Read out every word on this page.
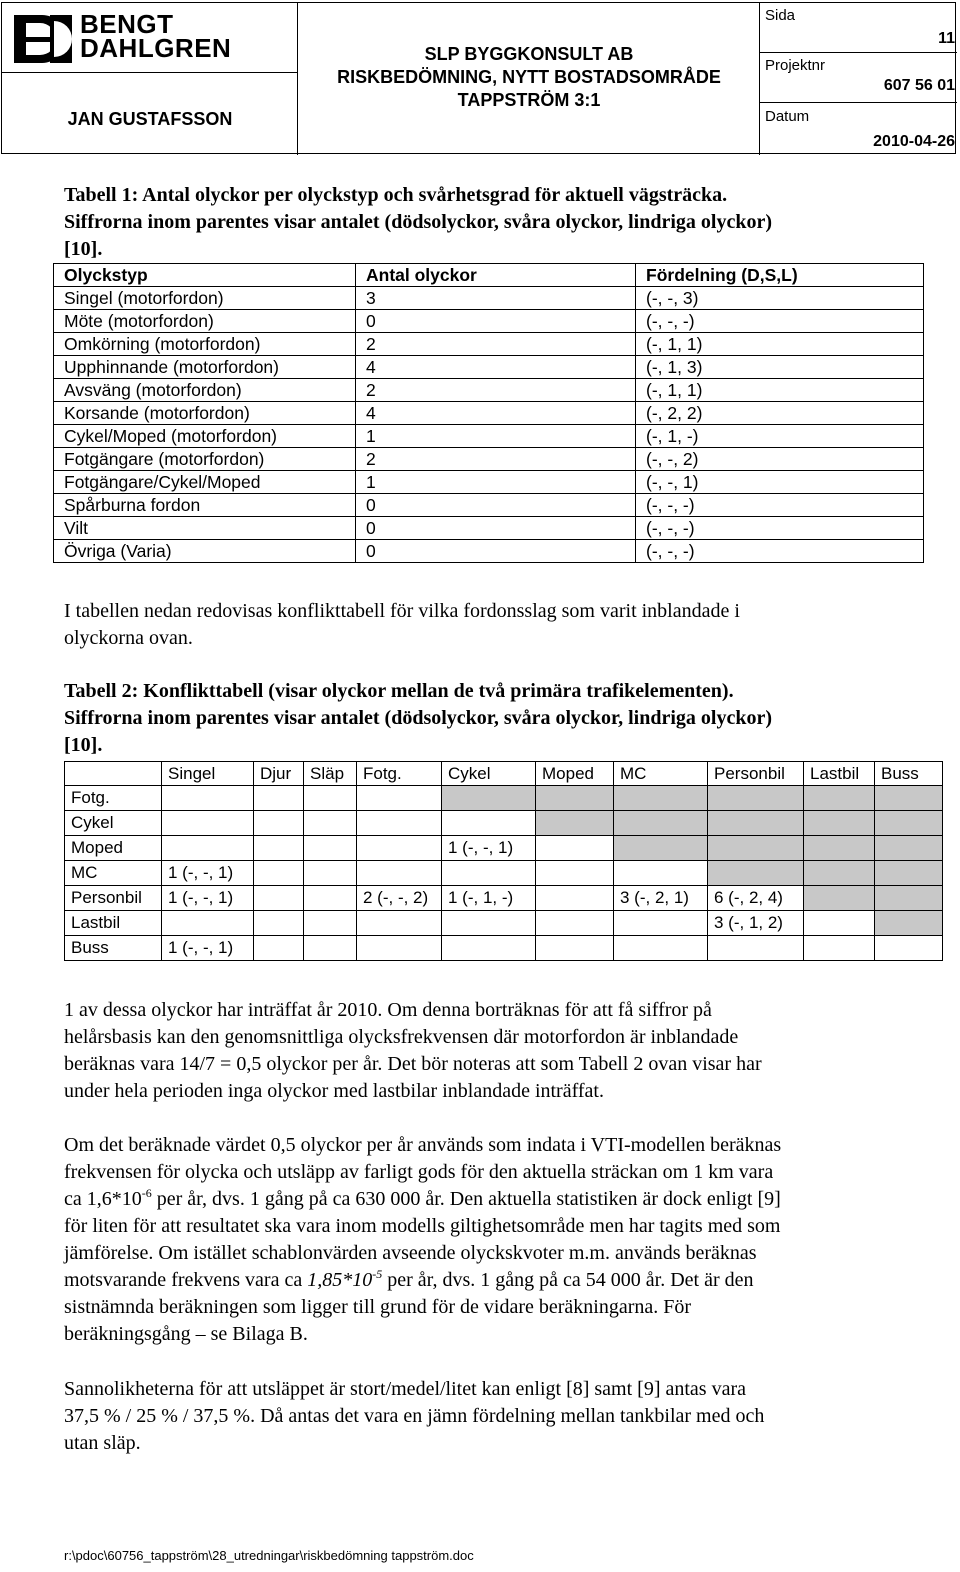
BENGT
DAHLGREN
JAN GUSTAFSSON
SLP BYGGKONSULT AB
RISKBEDÖMNING, NYTT BOSTADSOMRÅDE
TAPPSTRÖM 3:1
Sida
11
Projektnr
607 56 01
Datum
2010-04-26
Tabell 1: Antal olyckor per olyckstyp och svårhetsgrad för aktuell vägsträcka.
Siffrorna inom parentes visar antalet (dödsolyckor, svåra olyckor, lindriga olyckor)
[10].
Olyckstyp	Antal olyckor	Fördelning (D,S,L)
Singel (motorfordon)	3	(-, -, 3)
Möte (motorfordon)	0	(-, -, -)
Omkörning (motorfordon)	2	(-, 1, 1)
Upphinnande (motorfordon)	4	(-, 1, 3)
Avsväng (motorfordon)	2	(-, 1, 1)
Korsande (motorfordon)	4	(-, 2, 2)
Cykel/Moped (motorfordon)	1	(-, 1, -)
Fotgängare (motorfordon)	2	(-, -, 2)
Fotgängare/Cykel/Moped	1	(-, -, 1)
Spårburna fordon	0	(-, -, -)
Vilt	0	(-, -, -)
Övriga (Varia)	0	(-, -, -)
I tabellen nedan redovisas konflikttabell för vilka fordonsslag som varit inblandade i
olyckorna ovan.
Tabell 2: Konflikttabell (visar olyckor mellan de två primära trafikelementen).
Siffrorna inom parentes visar antalet (dödsolyckor, svåra olyckor, lindriga olyckor)
[10].
	Singel	Djur	Släp	Fotg.	Cykel	Moped	MC	Personbil	Lastbil	Buss
Fotg.										
Cykel										
Moped					1 (-, -, 1)					
MC	1 (-, -, 1)									
Personbil	1 (-, -, 1)			2 (-, -, 2)	1 (-, 1, -)		3 (-, 2, 1)	6 (-, 2, 4)		
Lastbil								3 (-, 1, 2)		
Buss	1 (-, -, 1)									
1 av dessa olyckor har inträffat år 2010. Om denna borträknas för att få siffror på
helårsbasis kan den genomsnittliga olycksfrekvensen där motorfordon är inblandade
beräknas vara 14/7 = 0,5 olyckor per år. Det bör noteras att som Tabell 2 ovan visar har
under hela perioden inga olyckor med lastbilar inblandade inträffat.
Om det beräknade värdet 0,5 olyckor per år används som indata i VTI-modellen beräknas
frekvensen för olycka och utsläpp av farligt gods för den aktuella sträckan om 1 km vara
ca $1,6*10^{-6}$ per år, dvs. 1 gång på ca 630 000 år. Den aktuella statistiken är dock enligt [9]
för liten för att resultatet ska vara inom modells giltighetsområde men har tagits med som
jämförelse. Om istället schablonvärden avseende olyckskvoter m.m. används beräknas
motsvarande frekvens vara ca $1,85*10^{-5}$ per år, dvs. 1 gång på ca 54 000 år. Det är den
sistnämnda beräkningen som ligger till grund för de vidare beräkningarna. För
beräkningsgång – se Bilaga B.
Sannolikheterna för att utsläppet är stort/medel/litet kan enligt [8] samt [9] antas vara
37,5 % / 25 % / 37,5 %. Då antas det vara en jämn fördelning mellan tankbilar med och
utan släp.
r:\pdoc\60756_tappström\28_utredningar\riskbedömning tappström.doc
